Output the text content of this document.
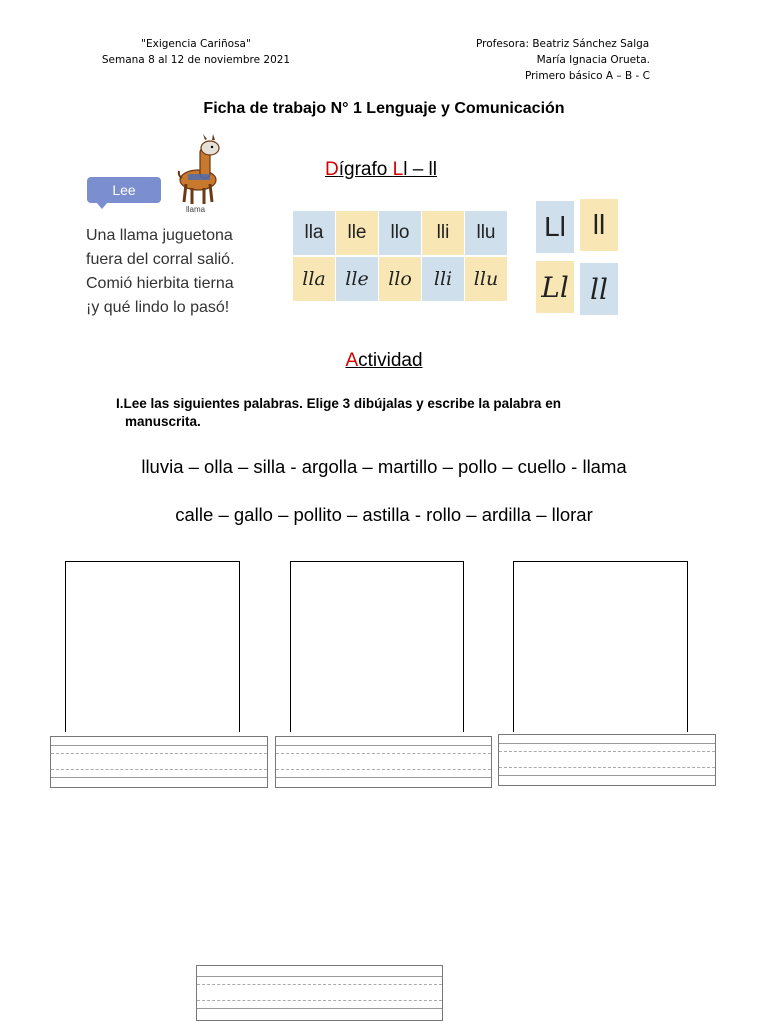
"Exigencia Cariñosa"
Semana 8 al 12 de noviembre 2021
Profesora: Beatriz Sánchez Salga
María Ignacia Orueta.
Primero básico A – B - C
Ficha de trabajo N° 1 Lenguaje y Comunicación
Dígrafo Ll – ll
Lee
llama
Una llama juguetona
fuera del corral salió.
Comió hierbita tierna
¡y qué lindo lo pasó!
lla	lle	llo	lli	llu
lla	lle	llo	lli	llu
Ll ll
Ll ll
Actividad
I.Lee las siguientes palabras. Elige 3 dibújalas y escribe la palabra en
manuscrita.
lluvia – olla – silla - argolla – martillo – pollo – cuello - llama
calle – gallo – pollito – astilla - rollo – ardilla – llorar
